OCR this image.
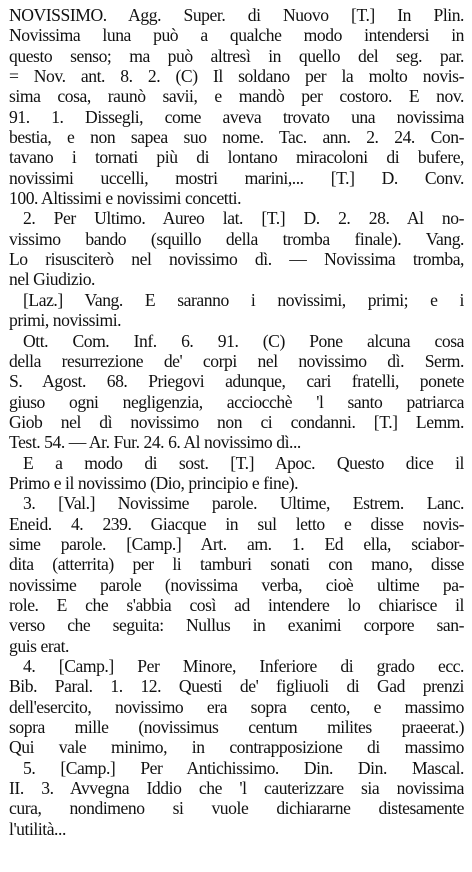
NOVISSIMO. Agg. Super. di Nuovo [T.] In Plin.
Novissima luna può a qualche modo intendersi in
questo senso; ma può altresì in quello del seg. par.
= Nov. ant. 8. 2. (C) Il soldano per la molto novis-
sima cosa, raunò savii, e mandò per costoro. E nov.
91. 1. Dissegli, come aveva trovato una novissima
bestia, e non sapea suo nome. Tac. ann. 2. 24. Con-
tavano i tornati più di lontano miracoloni di bufere,
novissimi uccelli, mostri marini,... [T.] D. Conv.
100. Altissimi e novissimi concetti.
2. Per Ultimo. Aureo lat. [T.] D. 2. 28. Al no-
vissimo bando (squillo della tromba finale). Vang.
Lo risusciterò nel novissimo dì. — Novissima tromba,
nel Giudizio.
[Laz.] Vang. E saranno i novissimi, primi; e i
primi, novissimi.
Ott. Com. Inf. 6. 91. (C) Pone alcuna cosa
della resurrezione de' corpi nel novissimo dì. Serm.
S. Agost. 68. Priegovi adunque, cari fratelli, ponete
giuso ogni negligenzia, acciocchè 'l santo patriarca
Giob nel dì novissimo non ci condanni. [T.] Lemm.
Test. 54. — Ar. Fur. 24. 6. Al novissimo dì...
E a modo di sost. [T.] Apoc. Questo dice il
Primo e il novissimo (Dio, principio e fine).
3. [Val.] Novissime parole. Ultime, Estrem. Lanc.
Eneid. 4. 239. Giacque in sul letto e disse novis-
sime parole. [Camp.] Art. am. 1. Ed ella, sciabor-
dita (atterrita) per li tamburi sonati con mano, disse
novissime parole (novissima verba, cioè ultime pa-
role. E che s'abbia così ad intendere lo chiarisce il
verso che seguita: Nullus in exanimi corpore san-
guis erat.
4. [Camp.] Per Minore, Inferiore di grado ecc.
Bib. Paral. 1. 12. Questi de' figliuoli di Gad prenzi
dell'esercito, novissimo era sopra cento, e massimo
sopra mille (novissimus centum milites praeerat.)
Qui vale minimo, in contrapposizione di massimo
5. [Camp.] Per Antichissimo. Din. Din. Mascal.
II. 3. Avvegna Iddio che 'l cauterizzare sia novissima
cura, nondimeno si vuole dichiararne distesamente
l'utilità...
